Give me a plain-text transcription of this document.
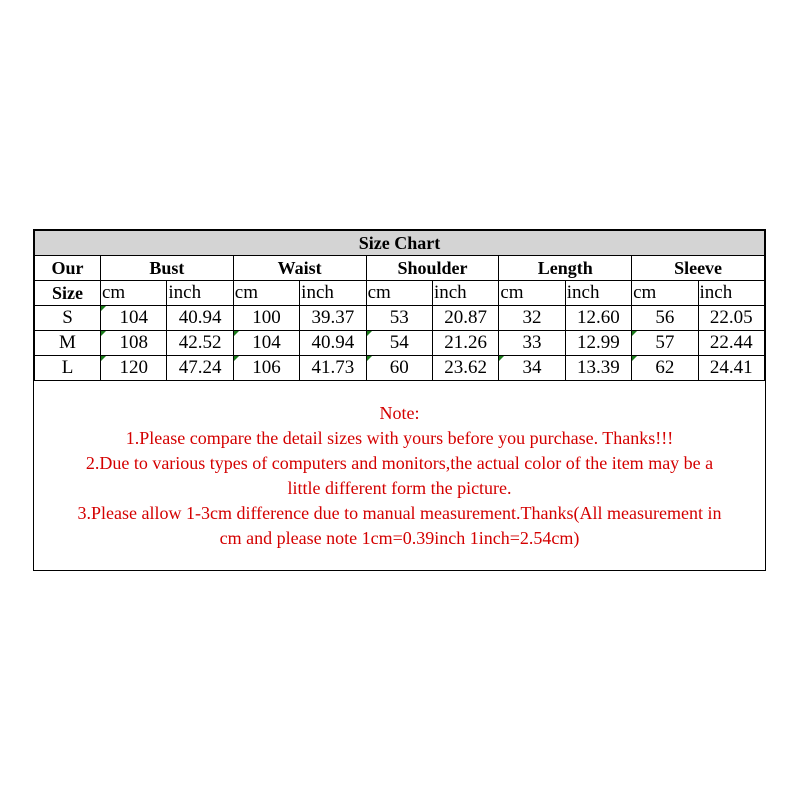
Size Chart										
Our	Bust		Waist		Shoulder		Length		Sleeve	
Size	cm	inch	cm	inch	cm	inch	cm	inch	cm	inch
S	104	40.94	100	39.37	53	20.87	32	12.60	56	22.05
M	108	42.52	104	40.94	54	21.26	33	12.99	57	22.44
L	120	47.24	106	41.73	60	23.62	34	13.39	62	24.41
Note:
1.Please compare the detail sizes with yours before you purchase. Thanks!!!
2.Due to various types of computers and monitors,the actual color of the item may be a
little different form the picture.
3.Please allow 1-3cm difference due to manual measurement.Thanks(All measurement in
cm and please note 1cm=0.39inch 1inch=2.54cm)
